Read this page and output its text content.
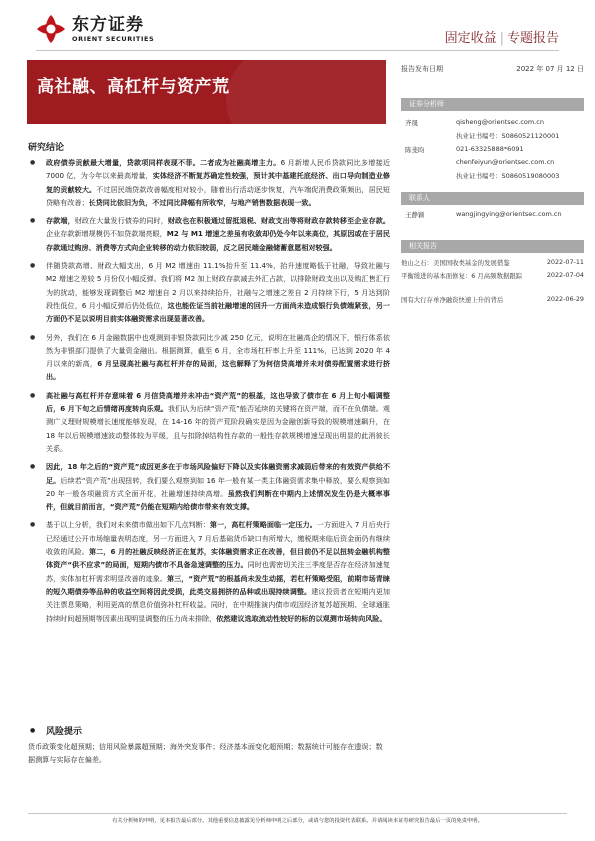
东方证券
ORIENT SECURITIES	固定收益 | 专题报告
高社融、高杠杆与资产荒
报告发布日期	2022 年 07 月 12 日
证券分析师
齐晟	qisheng@orientsec.com.cn
执业证书编号：S0860521120001
陈斐昀	021-63325888*6091
chenfeiyun@orientsec.com.cn
执业证书编号：S0860519080003
联系人
王静颖	wangjingying@orientsec.com.cn
相关报告
他山之石：美国国收类基金的发展借鉴	2022-07-11
平衡缓进的基本面修复：6 月高频数据跟踪	2022-07-04
国有大行存单净融资快速上升的背后	2022-06-29
研究结论
●	政府债券贡献最大增量，贷款项同样表现不菲。二者成为社融高增主力。6 月新增人民币贷款同比多增接近 7000 亿，为今年以来最高增量，实体经济不断复苏确定性较强，预计其中基建托底经济、出口导向制造业修复的贡献较大。不过居民端贷款改善幅度相对较小，随着出行活动逐步恢复，汽车端促消费政策频出，居民短贷略有改善；长贷同比依旧为负，不过同比降幅有所收窄，与地产销售数据表现一致。
●	存款端，财政在大量发行债券的同时，财政也在积极通过留抵退税、财政支出等将财政存款转移至企业存款。企业存款新增规模仍不如贷款端亮眼，M2 与 M1 增速之差虽有收敛却仍处今年以来高位，其原因或在于居民存款通过购房、消费等方式向企业转移的动力依旧较弱，反之居民端金融储蓄意愿相对较强。
●	伴随贷款高增、财政大幅支出，6 月 M2 增速由 11.1%抬升至 11.4%，抬升速度略低于社融，导致社融与 M2 增速之差较 5 月份仅小幅反弹。我们将 M2 加上财政存款减去外汇占款，以排除财政支出以及购汇售汇行为的扰动，能够发现调整后 M2 增速自 2 月以来持续抬升，社融与之增速之差自 2 月持续下行，5 月达到阶段性低位，6 月小幅反弹后仍处低位，这也能佐证当前社融增速的回升一方面尚未造成银行负债端紧张，另一方面仍不足以说明目前实体融资需求出现显著改善。
●	另外，我们在 6 月金融数据中也观测到非银贷款同比少减 250 亿元，说明在社融高企的情况下，银行体系依然为非银部门提供了大量资金融出。根据测算，截至 6 月，全市场杠杆率上升至 111%，已达到 2020 年 4 月以来的新高，6 月呈现高社融与高杠杆并存的局面，这也解释了为何信贷高增并未对债券配置需求进行挤出。
●	高社融与高杠杆并存意味着 6 月信贷高增并未冲击“资产荒”的根基，这也导致了债市在 6 月上旬小幅调整后，6 月下旬之后情绪再度转向乐观。我们认为后续“资产荒”能否延续的关键将在资产端，而不在负债端。观测广义理财规模增长速度能够发现，在 14-16 年的资产荒阶段确实是因为金融创新导致的规模增速飙升，在 18 年以后规模增速波动整体较为平缓，且与扣除掉结构性存款的一般性存款规模增速呈现出明显的此消彼长关系。
●	因此，18 年之后的“资产荒”成因更多在于市场风险偏好下降以及实体融资需求减弱后带来的有效资产供给不足。后续若“资产荒”出现扭转，我们要么观察到如 16 年一般有某一类主体融资需求集中释放，要么观察到如 20 年一般各项融资方式全面开花，社融增速持续高增。虽然我们判断在中期内上述情况发生仍是大概率事件，但就目前而言，“资产荒”仍能在短期内给债市带来有效支撑。
●	基于以上分析，我们对未来债市做出如下几点判断：第一，高杠杆策略面临一定压力。一方面进入 7 月后央行已经通过公开市场缩量表明态度，另一方面进入 7 月后基础货币缺口有所增大，缴税期来临后资金面仍有继续收敛的风险。第二，6 月的社融反映经济正在复苏，实体融资需求正在改善，但目前仍不足以扭转金融机构整体资产“供不应求”的局面，短期内债市不具备急速调整的压力。同时也需密切关注三季度是否存在经济加速复苏，实体加杠杆需求明显改善的迹象。第三，“资产荒”的根基尚未发生动摇，若杠杆策略受阻，前期市场青睐的短久期债券等品种的收益空间将因此受损，此类交易拥挤的品种或出现持续调整。建议投资者在短期内更加关注票息策略，利用更高的票息价值弥补杠杆收益。同时，在中期推演内债市或因经济复苏超预期、全球通胀持续时间超预期等因素出现明显调整的压力尚未排除，依然建议选取流动性较好的标的以观测市场转向风险。
●	风险提示
货币政策变化超预期；信用风险暴露超预期；海外突发事件；经济基本面变化超预期；数据统计可能存在遗误；数据测算与实际存在偏差。
有关分析师的申明，见本报告最后部分。其他重要信息披露见分析师申明之后部分，或请与您的投资代表联系。并请阅读本证券研究报告最后一页的免责申明。
